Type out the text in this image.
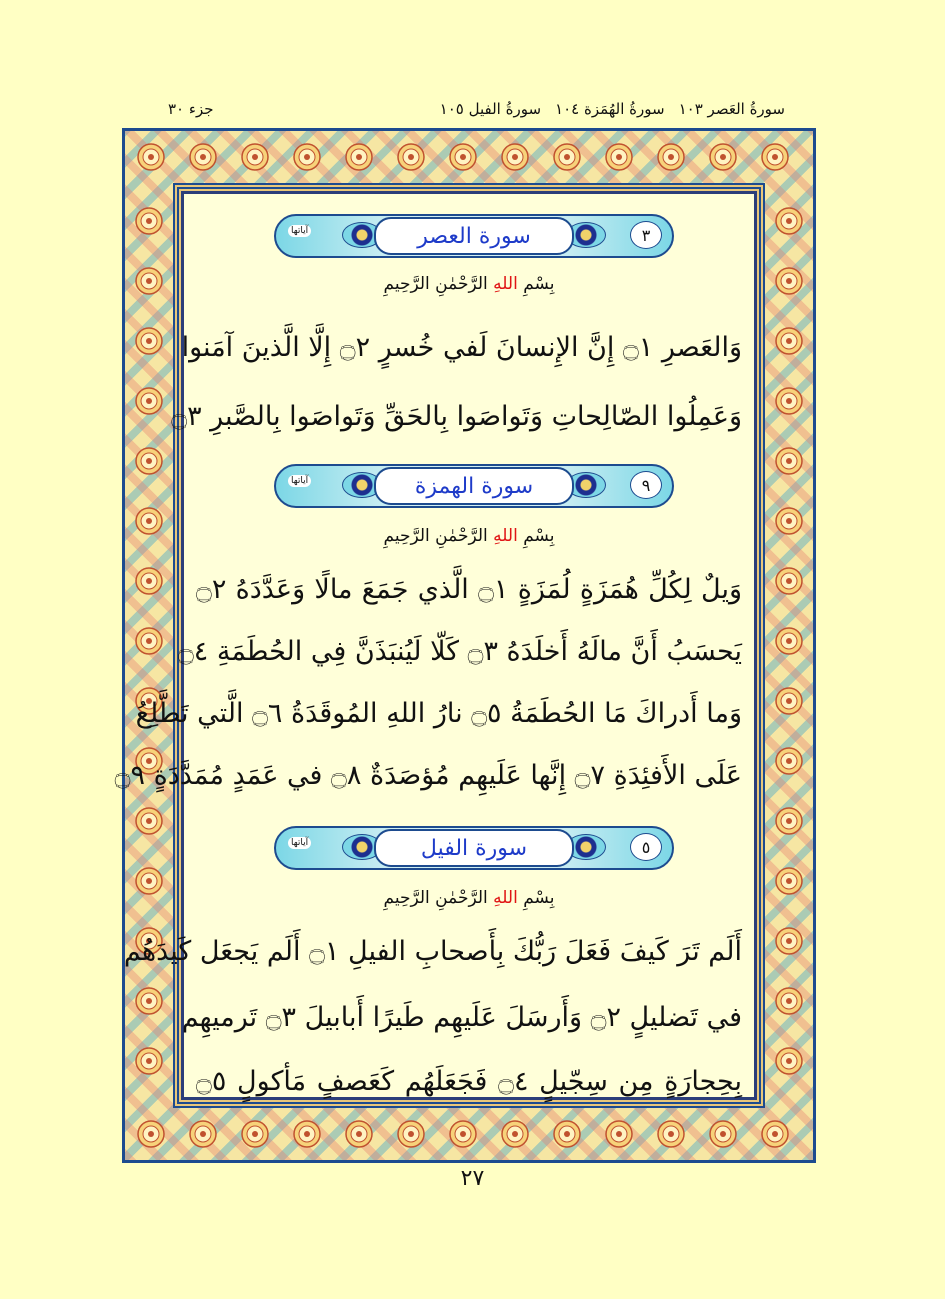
جزء ٣٠	سورةُ العَصر ١٠٣
سورةُ الهُمَزة ١٠٤
سورةُ الفيل ١٠٥
آياتها	سورة العصر	٣
بِسْمِ اللهِ الرَّحْمٰنِ الرَّحِيمِ
وَالعَصرِ ۝١ إِنَّ الإِنسانَ لَفي خُسرٍ ۝٢ إِلَّا الَّذينَ آمَنوا
وَعَمِلُوا الصّالِحاتِ وَتَواصَوا بِالحَقِّ وَتَواصَوا بِالصَّبرِ ۝٣
آياتها	سورة الهمزة	٩
بِسْمِ اللهِ الرَّحْمٰنِ الرَّحِيمِ
وَيلٌ لِكُلِّ هُمَزَةٍ لُمَزَةٍ ۝١ الَّذي جَمَعَ مالًا وَعَدَّدَهُ ۝٢
يَحسَبُ أَنَّ مالَهُ أَخلَدَهُ ۝٣ كَلّا لَيُنبَذَنَّ فِي الحُطَمَةِ ۝٤
وَما أَدراكَ مَا الحُطَمَةُ ۝٥ نارُ اللهِ المُوقَدَةُ ۝٦ الَّتي تَطَّلِعُ
عَلَى الأَفئِدَةِ ۝٧ إِنَّها عَلَيهِم مُؤصَدَةٌ ۝٨ في عَمَدٍ مُمَدَّدَةٍ ۝٩
آياتها	سورة الفيل	٥
بِسْمِ اللهِ الرَّحْمٰنِ الرَّحِيمِ
أَلَم تَرَ كَيفَ فَعَلَ رَبُّكَ بِأَصحابِ الفيلِ ۝١ أَلَم يَجعَل كَيدَهُم
في تَضليلٍ ۝٢ وَأَرسَلَ عَلَيهِم طَيرًا أَبابيلَ ۝٣ تَرميهِم
بِحِجارَةٍ مِن سِجّيلٍ ۝٤ فَجَعَلَهُم كَعَصفٍ مَأكولٍ ۝٥
٢٧
